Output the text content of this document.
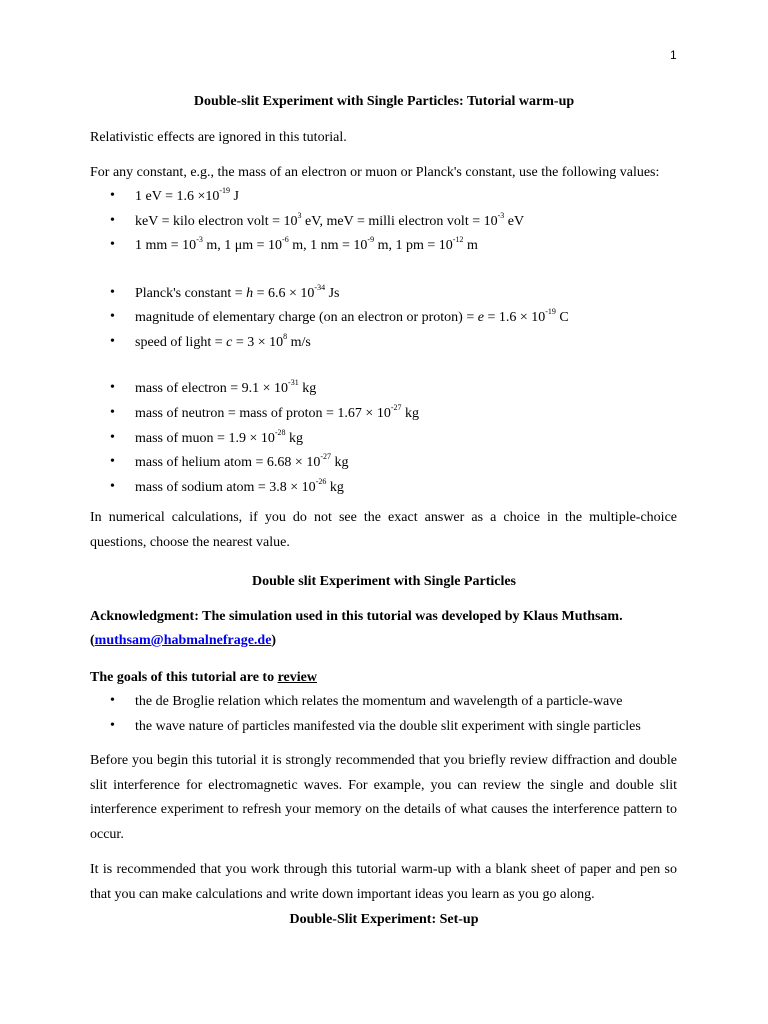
1
Double-slit Experiment with Single Particles: Tutorial warm-up
Relativistic effects are ignored in this tutorial.
For any constant, e.g., the mass of an electron or muon or Planck's constant, use the following values:
• 1 eV = $1.6 \times 10^{-19}$ J
• keV = kilo electron volt = $10^3$ eV, meV = milli electron volt = $10^{-3}$ eV
• 1 mm = $10^{-3}$ m, 1 $\mu m = 10^{-6}$ m, 1 nm = $10^{-9}$ m, 1 pm = $10^{-12}$ m
• Planck's constant = $h = 6.6 \times 10^{-34}$ Js
• magnitude of elementary charge (on an electron or proton) = $e = 1.6 \times 10^{-19}$ C
• speed of light = $c = 3 \times 10^8$ m/s
• mass of electron = $9.1 \times 10^{-31}$ kg
• mass of neutron = mass of proton = $1.67 \times 10^{-27}$ kg
• mass of muon = $1.9 \times 10^{-28}$ kg
• mass of helium atom = $6.68 \times 10^{-27}$ kg
• mass of sodium atom = $3.8 \times 10^{-26}$ kg

In numerical calculations, if you do not see the exact answer as a choice in the multiple-choice questions, choose the nearest value.

Double slit Experiment with Single Particles
Acknowledgment: The simulation used in this tutorial was developed by Klaus Muthsam.
(muthsam@habmalnefrage.de)
The goals of this tutorial are to review
• the de Broglie relation which relates the momentum and wavelength of a particle-wave
• the wave nature of particles manifested via the double slit experiment with single particles

Before you begin this tutorial it is strongly recommended that you briefly review diffraction and double slit interference for electromagnetic waves. For example, you can review the single and double slit interference experiment to refresh your memory on the details of what causes the interference pattern to occur.

It is recommended that you work through this tutorial warm-up with a blank sheet of paper and pen so that you can make calculations and write down important ideas you learn as you go along.

Double-Slit Experiment: Set-up
